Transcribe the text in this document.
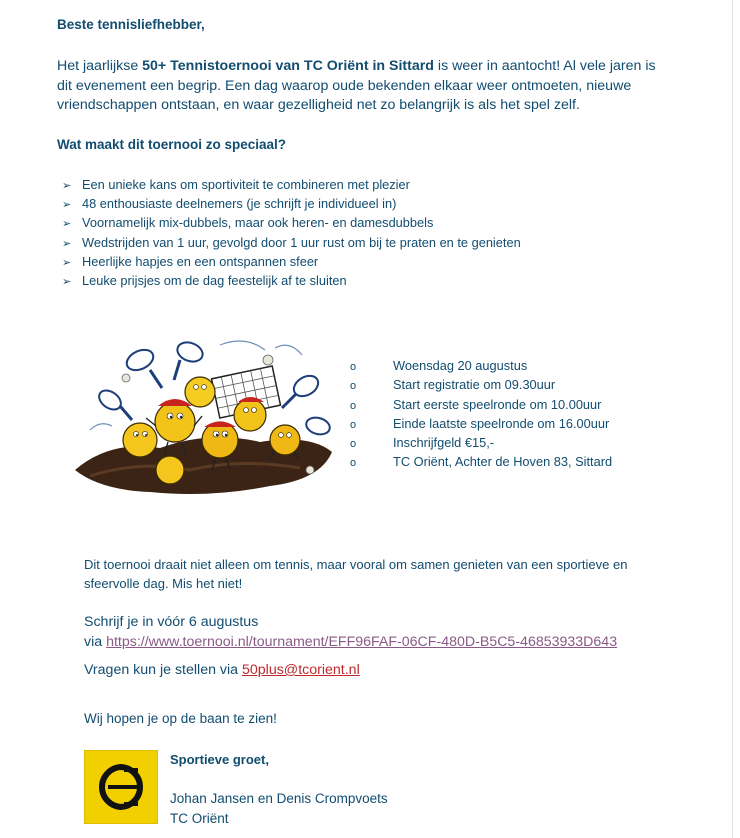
Beste tennisliefhebber,
Het jaarlijkse 50+ Tennistoernooi van TC Oriënt in Sittard is weer in aantocht! Al vele jaren is dit evenement een begrip. Een dag waarop oude bekenden elkaar weer ontmoeten, nieuwe vriendschappen ontstaan, en waar gezelligheid net zo belangrijk is als het spel zelf.
Wat maakt dit toernooi zo speciaal?
➢ Een unieke kans om sportiviteit te combineren met plezier
➢ 48 enthousiaste deelnemers (je schrijft je individueel in)
➢ Voornamelijk mix-dubbels, maar ook heren- en damesdubbels
➢ Wedstrijden van 1 uur, gevolgd door 1 uur rust om bij te praten en te genieten
➢ Heerlijke hapjes en een ontspannen sfeer
➢ Leuke prijsjes om de dag feestelijk af te sluiten
o	Woensdag 20 augustus
o	Start registratie om 09.30uur
o	Start eerste speelronde om 10.00uur
o	Einde laatste speelronde om 16.00uur
o	Inschrijfgeld €15,-
o	TC Oriënt, Achter de Hoven 83, Sittard
Dit toernooi draait niet alleen om tennis, maar vooral om samen genieten van een sportieve en sfeervolle dag. Mis het niet!
Schrijf je in vóór 6 augustus
via https://www.toernooi.nl/tournament/EFF96FAF-06CF-480D-B5C5-46853933D643
Vragen kun je stellen via 50plus@tcorient.nl
Wij hopen je op de baan te zien!
Sportieve groet,
Johan Jansen en Denis Crompvoets
TC Oriënt
